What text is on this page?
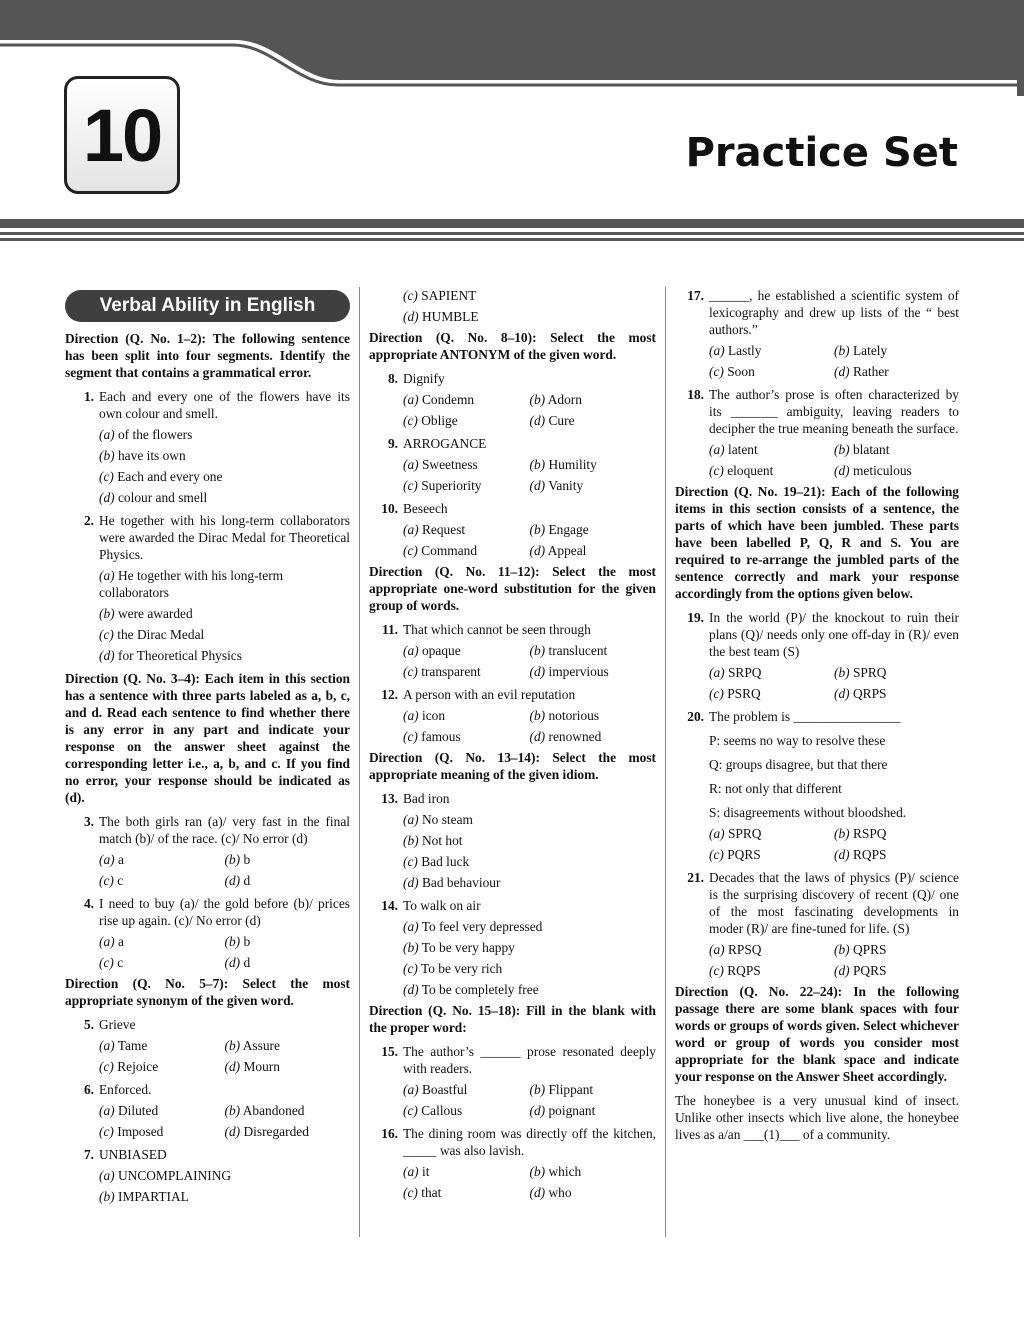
10	Practice Set
Verbal Ability in English
Direction (Q. No. 1–2): The following sentence has been split into four segments. Identify the segment that contains a grammatical error.
1. Each and every one of the flowers have its own colour and smell.
(a) of the flowers
(b) have its own
(c) Each and every one
(d) colour and smell
2. He together with his long-term collaborators were awarded the Dirac Medal for Theoretical Physics.
(a) He together with his long-term collaborators
(b) were awarded
(c) the Dirac Medal
(d) for Theoretical Physics
Direction (Q. No. 3–4): Each item in this section has a sentence with three parts labeled as a, b, c, and d. Read each sentence to find whether there is any error in any part and indicate your response on the answer sheet against the corresponding letter i.e., a, b, and c. If you find no error, your response should be indicated as (d).
3. The both girls ran (a)/ very fast in the final match (b)/ of the race. (c)/ No error (d)
(a) a	(b) b
(c) c	(d) d
4. I need to buy (a)/ the gold before (b)/ prices rise up again. (c)/ No error (d)
(a) a	(b) b
(c) c	(d) d
Direction (Q. No. 5–7): Select the most appropriate synonym of the given word.
5. Grieve
(a) Tame	(b) Assure
(c) Rejoice	(d) Mourn
6. Enforced.
(a) Diluted	(b) Abandoned
(c) Imposed	(d) Disregarded
7. UNBIASED
(a) UNCOMPLAINING
(b) IMPARTIAL
(c) SAPIENT
(d) HUMBLE
Direction (Q. No. 8–10): Select the most appropriate ANTONYM of the given word.
8. Dignify
(a) Condemn	(b) Adorn
(c) Oblige	(d) Cure
9. ARROGANCE
(a) Sweetness	(b) Humility
(c) Superiority	(d) Vanity
10. Beseech
(a) Request	(b) Engage
(c) Command	(d) Appeal
Direction (Q. No. 11–12): Select the most appropriate one-word substitution for the given group of words.
11. That which cannot be seen through
(a) opaque	(b) translucent
(c) transparent	(d) impervious
12. A person with an evil reputation
(a) icon	(b) notorious
(c) famous	(d) renowned
Direction (Q. No. 13–14): Select the most appropriate meaning of the given idiom.
13. Bad iron
(a) No steam
(b) Not hot
(c) Bad luck
(d) Bad behaviour
14. To walk on air
(a) To feel very depressed
(b) To be very happy
(c) To be very rich
(d) To be completely free
Direction (Q. No. 15–18): Fill in the blank with the proper word:
15. The author’s ______ prose resonated deeply with readers.
(a) Boastful	(b) Flippant
(c) Callous	(d) poignant
16. The dining room was directly off the kitchen, _____ was also lavish.
(a) it	(b) which
(c) that	(d) who
17. ______, he established a scientific system of lexicography and drew up lists of the “ best authors.”
(a) Lastly	(b) Lately
(c) Soon	(d) Rather
18. The author’s prose is often characterized by its _______ ambiguity, leaving readers to decipher the true meaning beneath the surface.
(a) latent	(b) blatant
(c) eloquent	(d) meticulous
Direction (Q. No. 19–21): Each of the following items in this section consists of a sentence, the parts of which have been jumbled. These parts have been labelled P, Q, R and S. You are required to re-arrange the jumbled parts of the sentence correctly and mark your response accordingly from the options given below.
19. In the world (P)/ the knockout to ruin their plans (Q)/ needs only one off-day in (R)/ even the best team (S)
(a) SRPQ	(b) SPRQ
(c) PSRQ	(d) QRPS
20. The problem is ________________
P: seems no way to resolve these
Q: groups disagree, but that there
R: not only that different
S: disagreements without bloodshed.
(a) SPRQ	(b) RSPQ
(c) PQRS	(d) RQPS
21. Decades that the laws of physics (P)/ science is the surprising discovery of recent (Q)/ one of the most fascinating developments in moder (R)/ are fine-tuned for life. (S)
(a) RPSQ	(b) QPRS
(c) RQPS	(d) PQRS
Direction (Q. No. 22–24): In the following passage there are some blank spaces with four words or groups of words given. Select whichever word or group of words you consider most appropriate for the blank space and indicate your response on the Answer Sheet accordingly.
The honeybee is a very unusual kind of insect. Unlike other insects which live alone, the honeybee lives as a/an ___(1)___ of a community.
